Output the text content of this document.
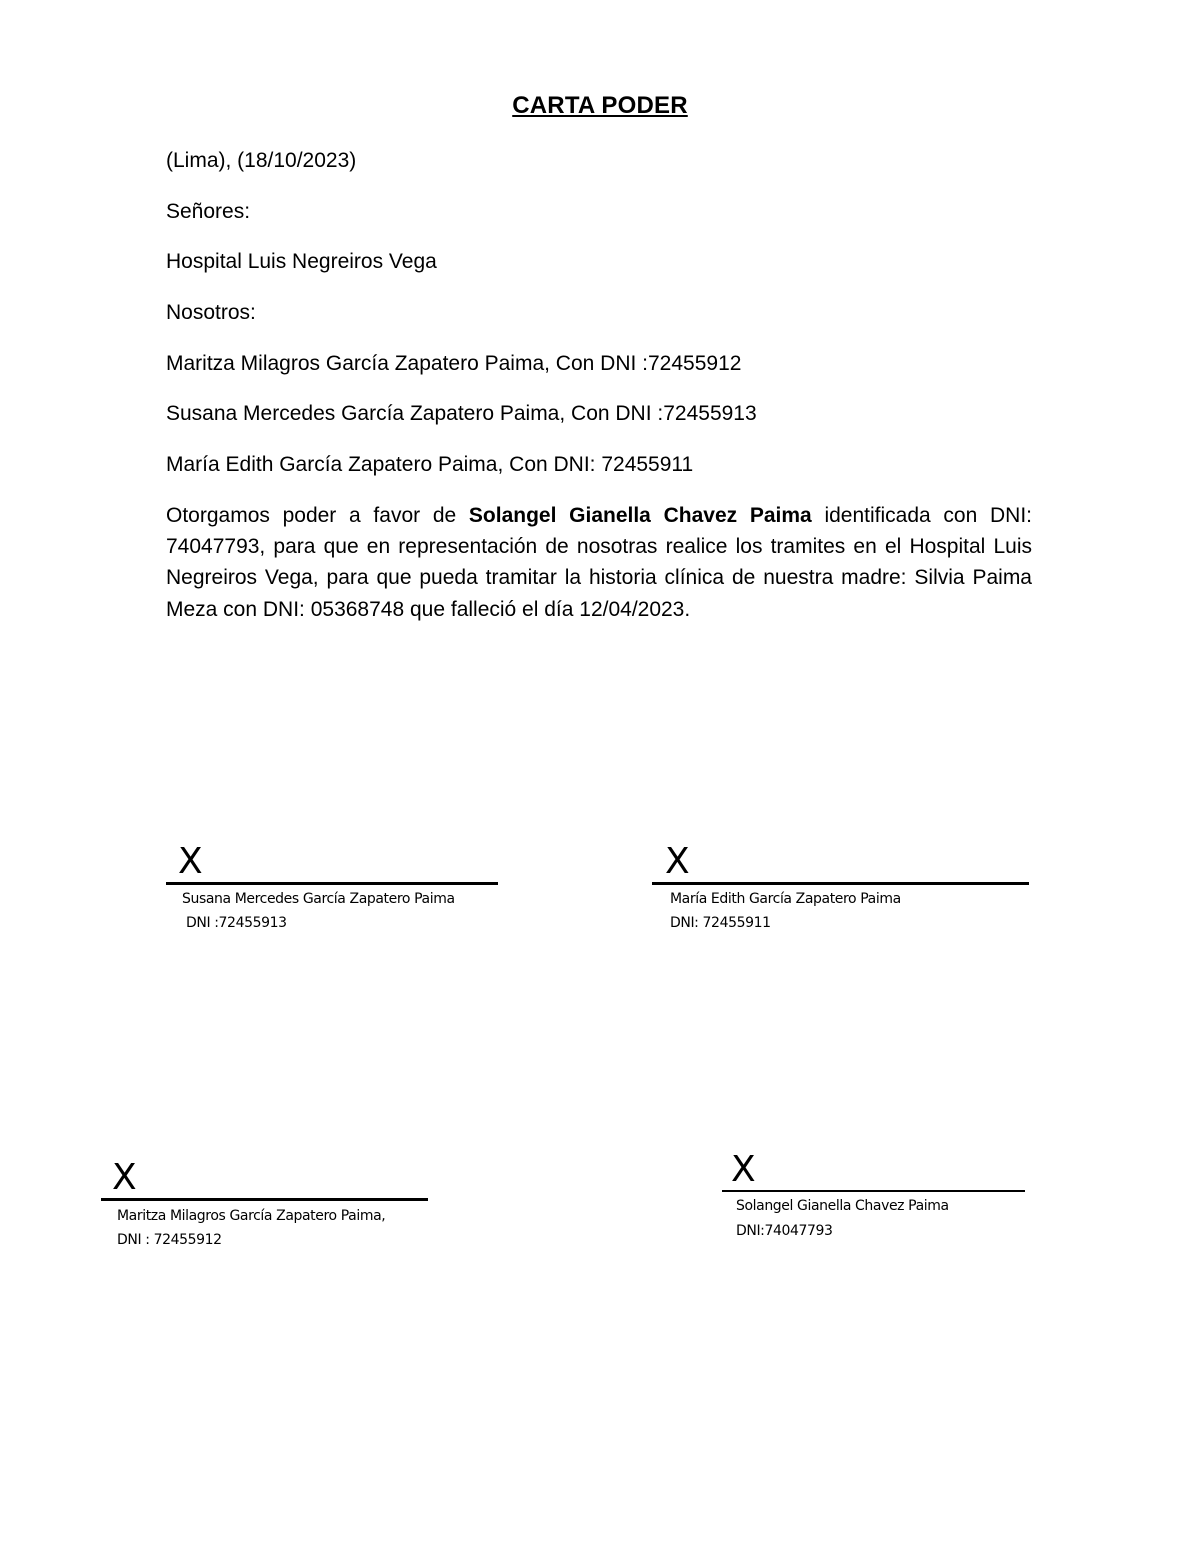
CARTA PODER
(Lima), (18/10/2023)
Señores:
Hospital Luis Negreiros Vega
Nosotros:
Maritza Milagros García Zapatero Paima, Con DNI :72455912
Susana Mercedes García Zapatero Paima, Con DNI :72455913
María Edith García Zapatero Paima, Con DNI: 72455911
Otorgamos poder a favor de Solangel Gianella Chavez Paima identificada con DNI: 74047793, para que en representación de nosotras realice los tramites en el Hospital Luis Negreiros Vega, para que pueda tramitar la historia clínica de nuestra madre: Silvia Paima Meza con DNI: 05368748 que falleció el día 12/04/2023.
X
Susana Mercedes García Zapatero Paima
DNI :72455913
X
María Edith García Zapatero Paima
DNI: 72455911
X
Maritza Milagros García Zapatero Paima,
DNI : 72455912
X
Solangel Gianella Chavez Paima
DNI:74047793
